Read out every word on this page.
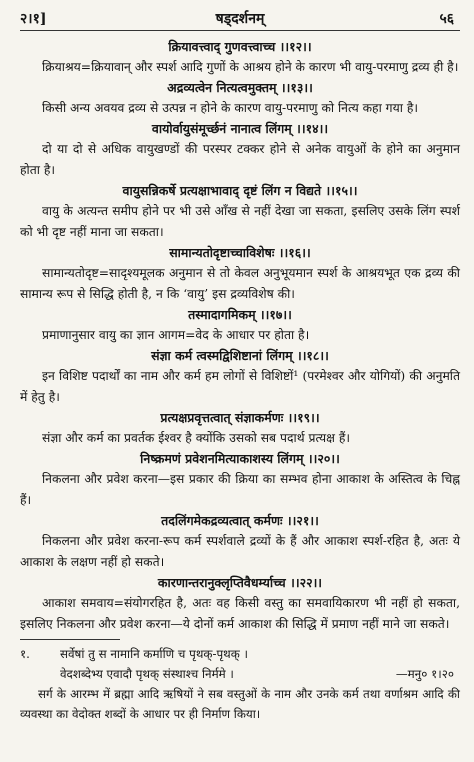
२।१]	षड्दर्शनम्	५६
क्रियावत्त्वाद् गुणवत्त्वाच्च ।।१२।।
क्रियाश्रय=क्रियावान् और स्पर्श आदि गुणों के आश्रय होने के कारण भी वायु-परमाणु द्रव्य ही है।
अद्रव्यत्वेन नित्यत्वमुक्तम् ।।१३।।
किसी अन्य अवयव द्रव्य से उत्पन्न न होने के कारण वायु-परमाणु को नित्य कहा गया है।
वायोर्वायुसंमूर्च्छनं नानात्व लिंगम् ।।१४।।
दो या दो से अधिक वायुखण्डों की परस्पर टक्कर होने से अनेक वायुओं के होने का अनुमान होता है।
वायुसन्निकर्षे प्रत्यक्षाभावाद् दृष्टं लिंग न विद्यते ।।१५।।
वायु के अत्यन्त समीप होने पर भी उसे आँख से नहीं देखा जा सकता, इसलिए उसके लिंग स्पर्श को भी दृष्ट नहीं माना जा सकता।
सामान्यतोदृष्टाच्चाविशेषः ।।१६।।
सामान्यतोदृष्ट=सादृश्यमूलक अनुमान से तो केवल अनुभूयमान स्पर्श के आश्रयभूत एक द्रव्य की सामान्य रूप से सिद्धि होती है, न कि ‘वायु’ इस द्रव्यविशेष की।
तस्मादागमिकम् ।।१७।।
प्रमाणानुसार वायु का ज्ञान आगम=वेद के आधार पर होता है।
संज्ञा कर्म त्वस्मद्विशिष्टानां लिंगम् ।।१८।।
इन विशिष्ट पदार्थों का नाम और कर्म हम लोगों से विशिष्टों¹ (परमेश्वर और योगियों) की अनुमति में हेतु है।
प्रत्यक्षप्रवृत्तत्वात् संज्ञाकर्मणः ।।१९।।
संज्ञा और कर्म का प्रवर्तक ईश्वर है क्योंकि उसको सब पदार्थ प्रत्यक्ष हैं।
निष्क्रमणं प्रवेशनमित्याकाशस्य लिंगम् ।।२०।।
निकलना और प्रवेश करना—इस प्रकार की क्रिया का सम्भव होना आकाश के अस्तित्व के चिह्न हैं।
तदलिंगमेकद्रव्यत्वात् कर्मणः ।।२१।।
निकलना और प्रवेश करना-रूप कर्म स्पर्शवाले द्रव्यों के हैं और आकाश स्पर्श-रहित है, अतः ये आकाश के लक्षण नहीं हो सकते।
कारणान्तरानुक्लृप्तिवैधर्म्याच्च ।।२२।।
आकाश समवाय=संयोगरहित है, अतः वह किसी वस्तु का समवायिकारण भी नहीं हो सकता, इसलिए निकलना और प्रवेश करना—ये दोनों कर्म आकाश की सिद्धि में प्रमाण नहीं माने जा सकते।
१.	सर्वेषां तु स नामानि कर्माणि च पृथक्-पृथक् ।
वेदशब्देभ्य एवादौ पृथक् संस्थाश्च निर्ममे ।	—मनु० १।२०
सर्ग के आरम्भ में ब्रह्मा आदि ऋषियों ने सब वस्तुओं के नाम और उनके कर्म तथा वर्णाश्रम आदि की व्यवस्था का वेदोक्त शब्दों के आधार पर ही निर्माण किया।
